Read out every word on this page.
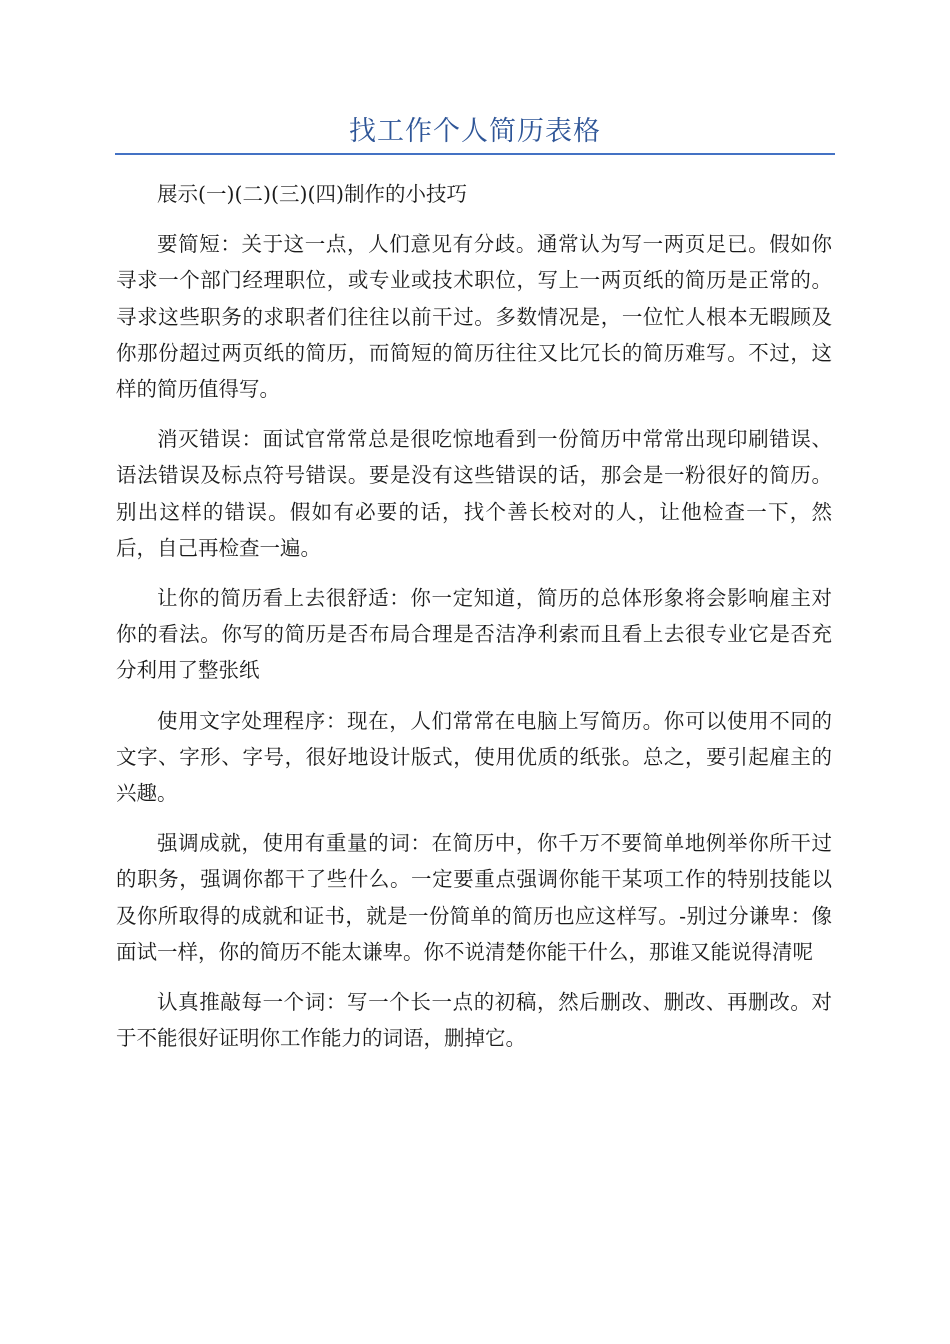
找工作个人简历表格

展示(一)(二)(三)(四)制作的小技巧

要简短：关于这一点，人们意见有分歧。通常认为写一两页足已。假如你寻求一个部门经理职位，或专业或技术职位，写上一两页纸的简历是正常的。寻求这些职务的求职者们往往以前干过。多数情况是，一位忙人根本无暇顾及你那份超过两页纸的简历，而简短的简历往往又比冗长的简历难写。不过，这样的简历值得写。

消灭错误：面试官常常总是很吃惊地看到一份简历中常常出现印刷错误、语法错误及标点符号错误。要是没有这些错误的话，那会是一粉很好的简历。别出这样的错误。假如有必要的话，找个善长校对的人，让他检查一下，然后，自己再检查一遍。

让你的简历看上去很舒适：你一定知道，简历的总体形象将会影响雇主对你的看法。你写的简历是否布局合理是否洁净利索而且看上去很专业它是否充分利用了整张纸

使用文字处理程序：现在，人们常常在电脑上写简历。你可以使用不同的文字、字形、字号，很好地设计版式，使用优质的纸张。总之，要引起雇主的兴趣。

强调成就，使用有重量的词：在简历中，你千万不要简单地例举你所干过的职务，强调你都干了些什么。一定要重点强调你能干某项工作的特别技能以及你所取得的成就和证书，就是一份简单的简历也应这样写。-别过分谦卑：像面试一样，你的简历不能太谦卑。你不说清楚你能干什么，那谁又能说得清呢

认真推敲每一个词：写一个长一点的初稿，然后删改、删改、再删改。对于不能很好证明你工作能力的词语，删掉它。
